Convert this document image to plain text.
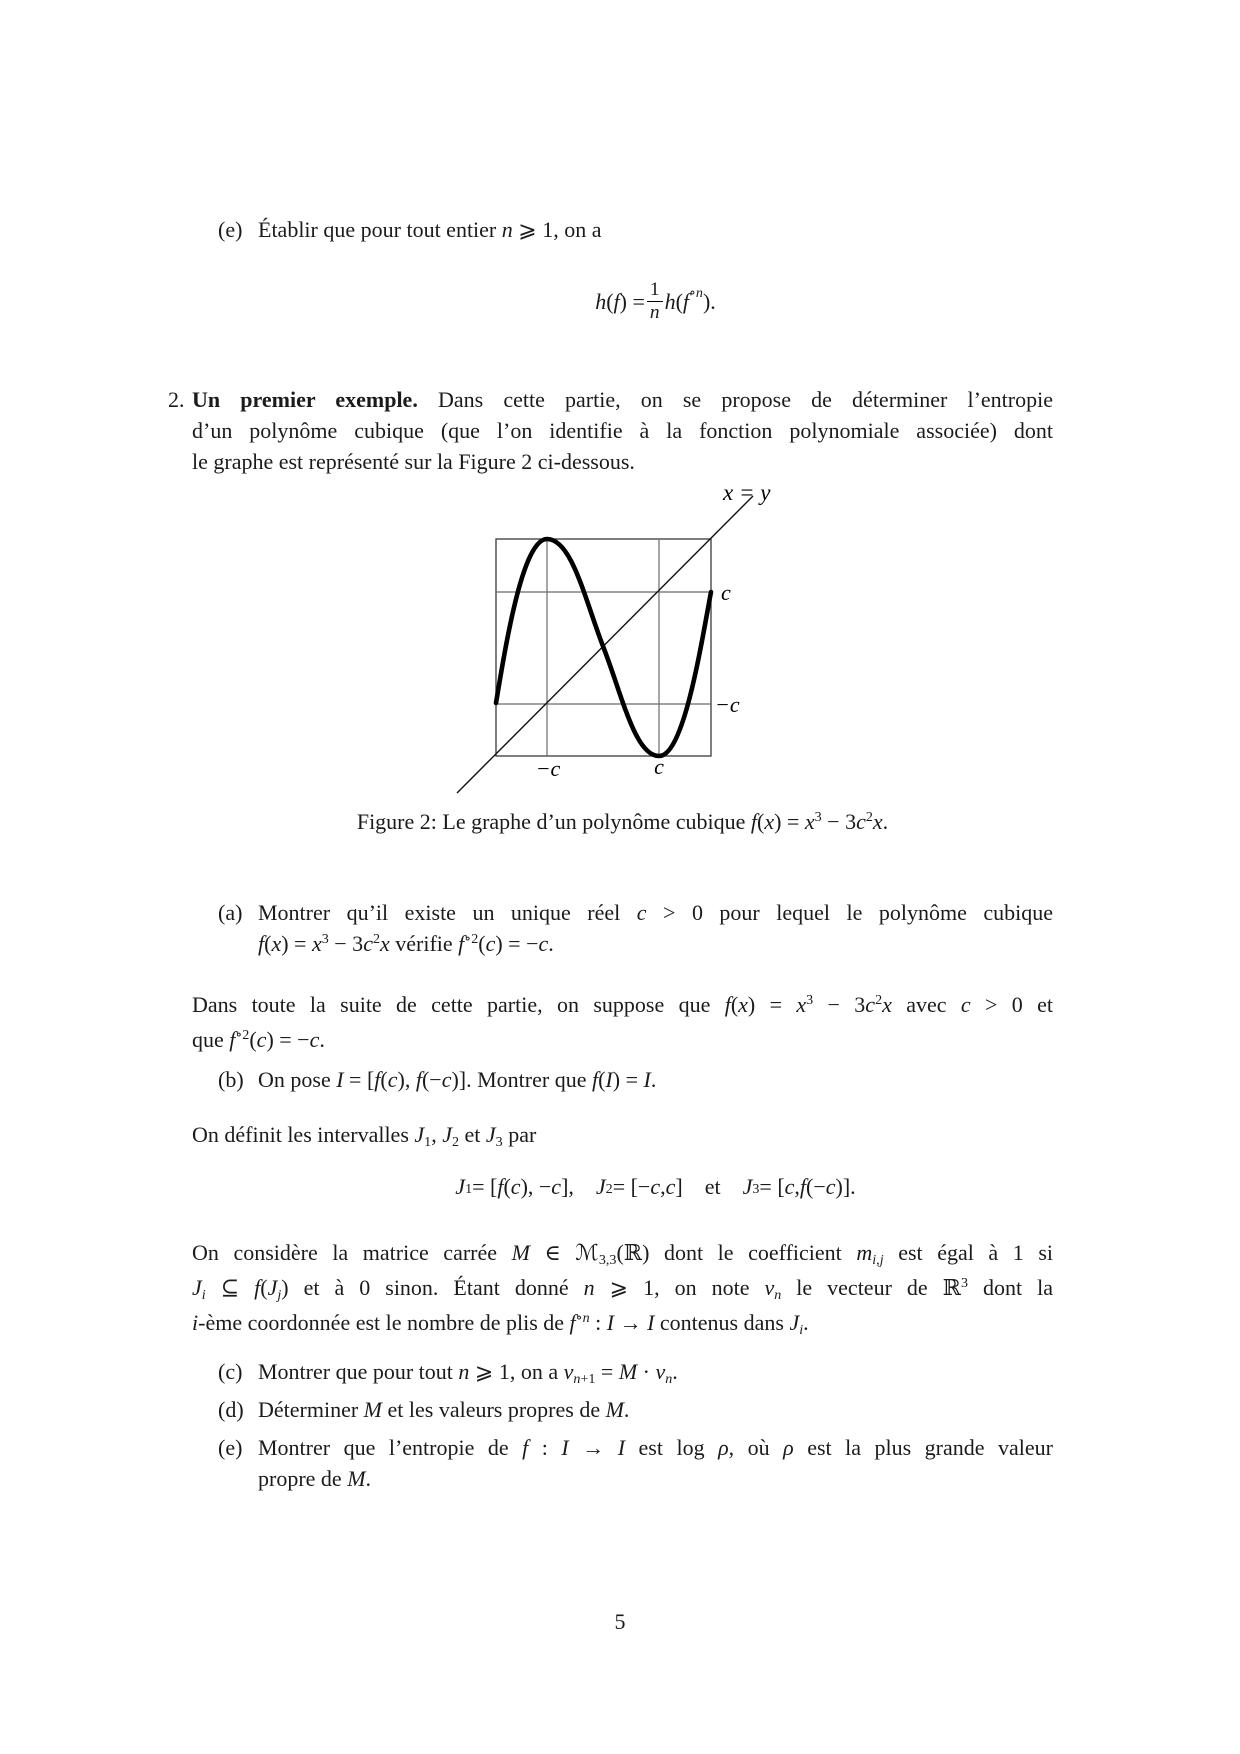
(e) Établir que pour tout entier n ⩾ 1, on a
h ( f ) = $\frac{1}{n}$ h ( f ∘n ).
2. Un premier exemple. Dans cette partie, on se propose de déterminer l’entropie
d’un polynôme cubique (que l’on identifie à la fonction polynomiale associée) dont
le graphe est représenté sur la Figure 2 ci-dessous.
x = y
c
−c
−c	c
Figure 2: Le graphe d’un polynôme cubique $f(x) = x^3 - 3c^2x$.
(a) Montrer qu’il existe un unique réel c > 0 pour lequel le polynôme cubique
$f(x) = x^3 - 3c^2x$ vérifie $f^{\circ 2}(c) = -c$.
Dans toute la suite de cette partie, on suppose que $f(x) = x^3 - 3c^2x$ avec c > 0 et
que $f^{\circ 2}(c) = -c$.
(b) On pose I = [f(c), f(−c)]. Montrer que f(I) = I.
On définit les intervalles J1, J2 et J3 par
J 1 = [ f ( c ), − c ],
  J 2 = [− c , c ]  et  J 3 = [ c , f (− c )].
On considère la matrice carrée M ∈ ℳ3,3(ℝ) dont le coefficient mi,j est égal à 1 si
Ji ⊆ f(Jj) et à 0 sinon. Étant donné n ⩾ 1, on note vn le vecteur de ℝ$^3$ dont la
i-ème coordonnée est le nombre de plis de $f^{\circ n}$ : I → I contenus dans Ji.
(c) Montrer que pour tout n ⩾ 1, on a vn+1 = M · vn.
(d) Déterminer M et les valeurs propres de M.
(e) Montrer que l’entropie de f : I → I est log ρ, où ρ est la plus grande valeur
propre de M.
5
